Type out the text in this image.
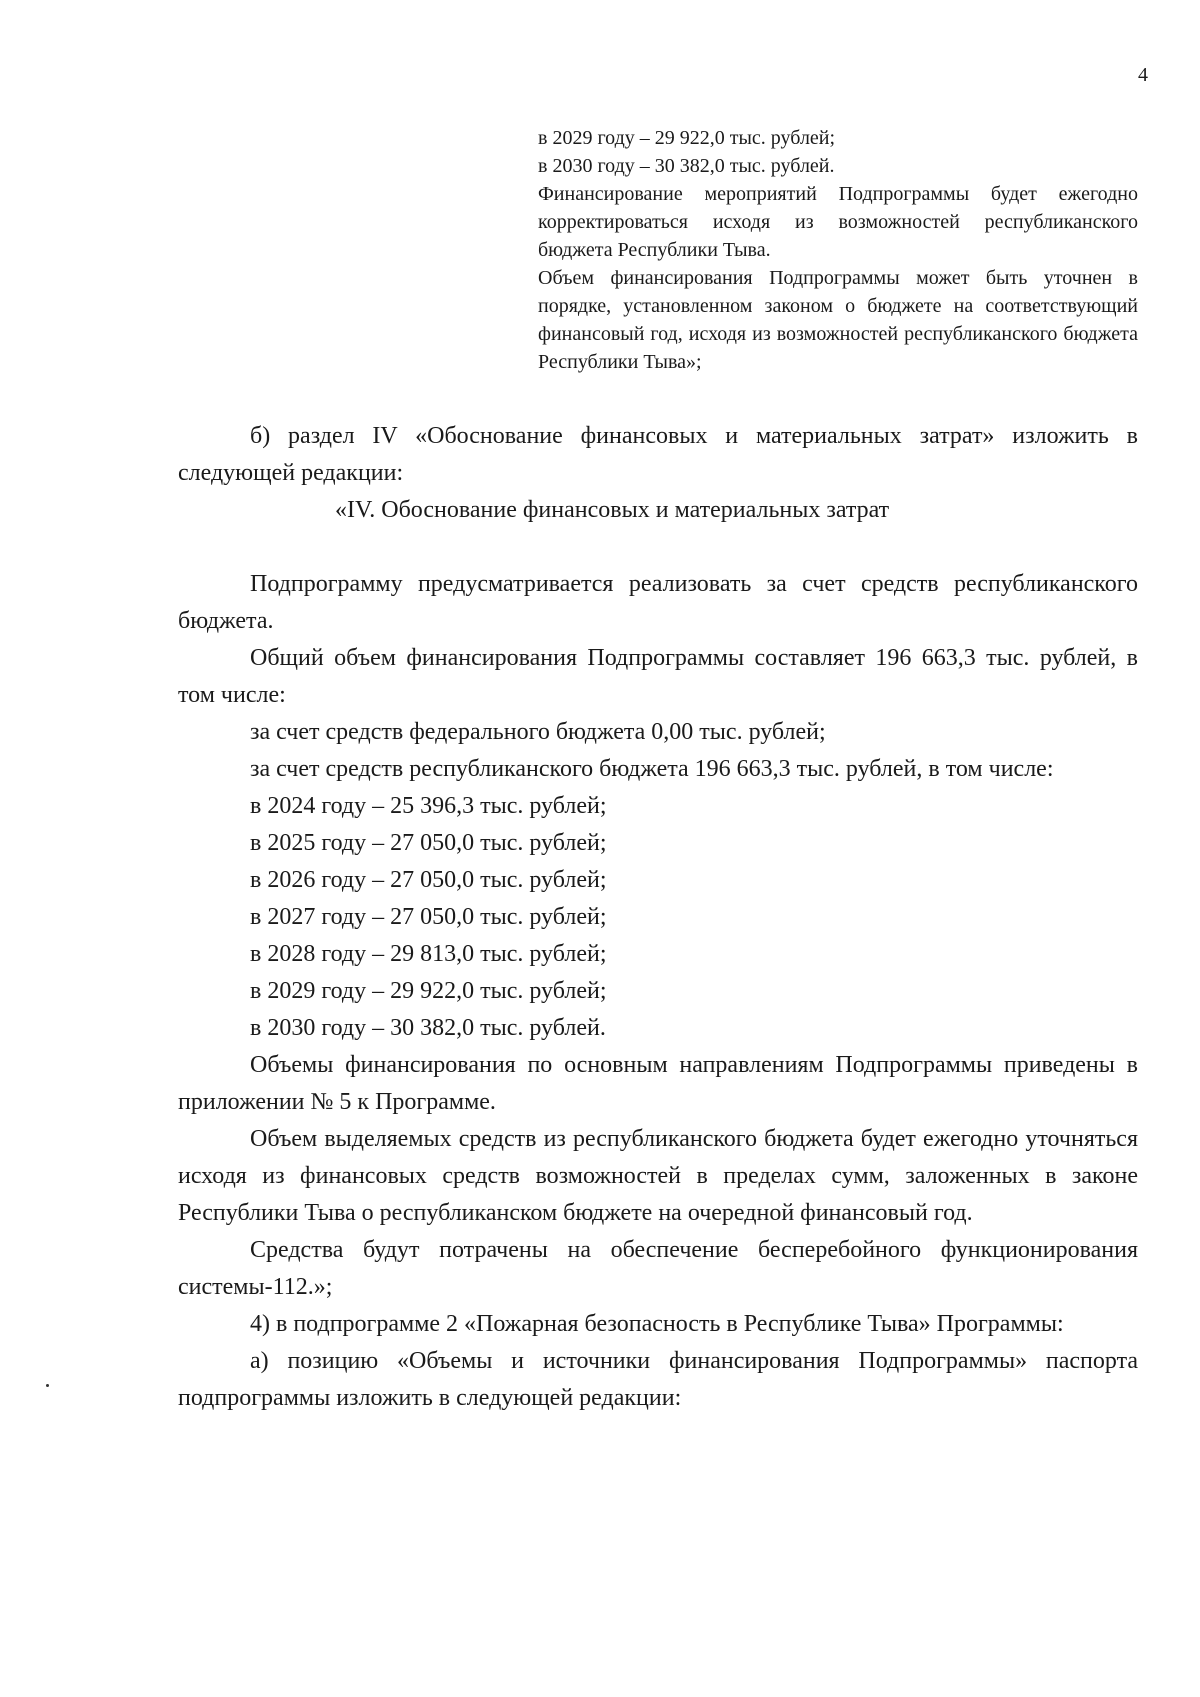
4

в 2029 году – 29 922,0 тыс. рублей;

в 2030 году – 30 382,0 тыс. рублей.

Финансирование мероприятий Подпрограммы будет ежегодно корректироваться исходя из возможностей республиканского бюджета Республики Тыва.

Объем финансирования Подпрограммы может быть уточнен в порядке, установленном законом о бюджете на соответствующий финансовый год, исходя из возможностей республиканского бюджета Республики Тыва»;

б) раздел IV «Обоснование финансовых и материальных затрат» изложить в следующей редакции:

«IV. Обоснование финансовых и материальных затрат

Подпрограмму предусматривается реализовать за счет средств республиканского бюджета.

Общий объем финансирования Подпрограммы составляет 196 663,3 тыс. рублей, в том числе:

за счет средств федерального бюджета 0,00 тыс. рублей;

за счет средств республиканского бюджета 196 663,3 тыс. рублей, в том числе:

в 2024 году – 25 396,3 тыс. рублей;

в 2025 году – 27 050,0 тыс. рублей;

в 2026 году – 27 050,0 тыс. рублей;

в 2027 году – 27 050,0 тыс. рублей;

в 2028 году – 29 813,0 тыс. рублей;

в 2029 году – 29 922,0 тыс. рублей;

в 2030 году – 30 382,0 тыс. рублей.

Объемы финансирования по основным направлениям Подпрограммы приведены в приложении № 5 к Программе.

Объем выделяемых средств из республиканского бюджета будет ежегодно уточняться исходя из финансовых средств возможностей в пределах сумм, заложенных в законе Республики Тыва о республиканском бюджете на очередной финансовый год.

Средства будут потрачены на обеспечение бесперебойного функционирования системы-112.»;

4) в подпрограмме 2 «Пожарная безопасность в Республике Тыва» Программы:

а) позицию «Объемы и источники финансирования Подпрограммы» паспорта подпрограммы изложить в следующей редакции:
